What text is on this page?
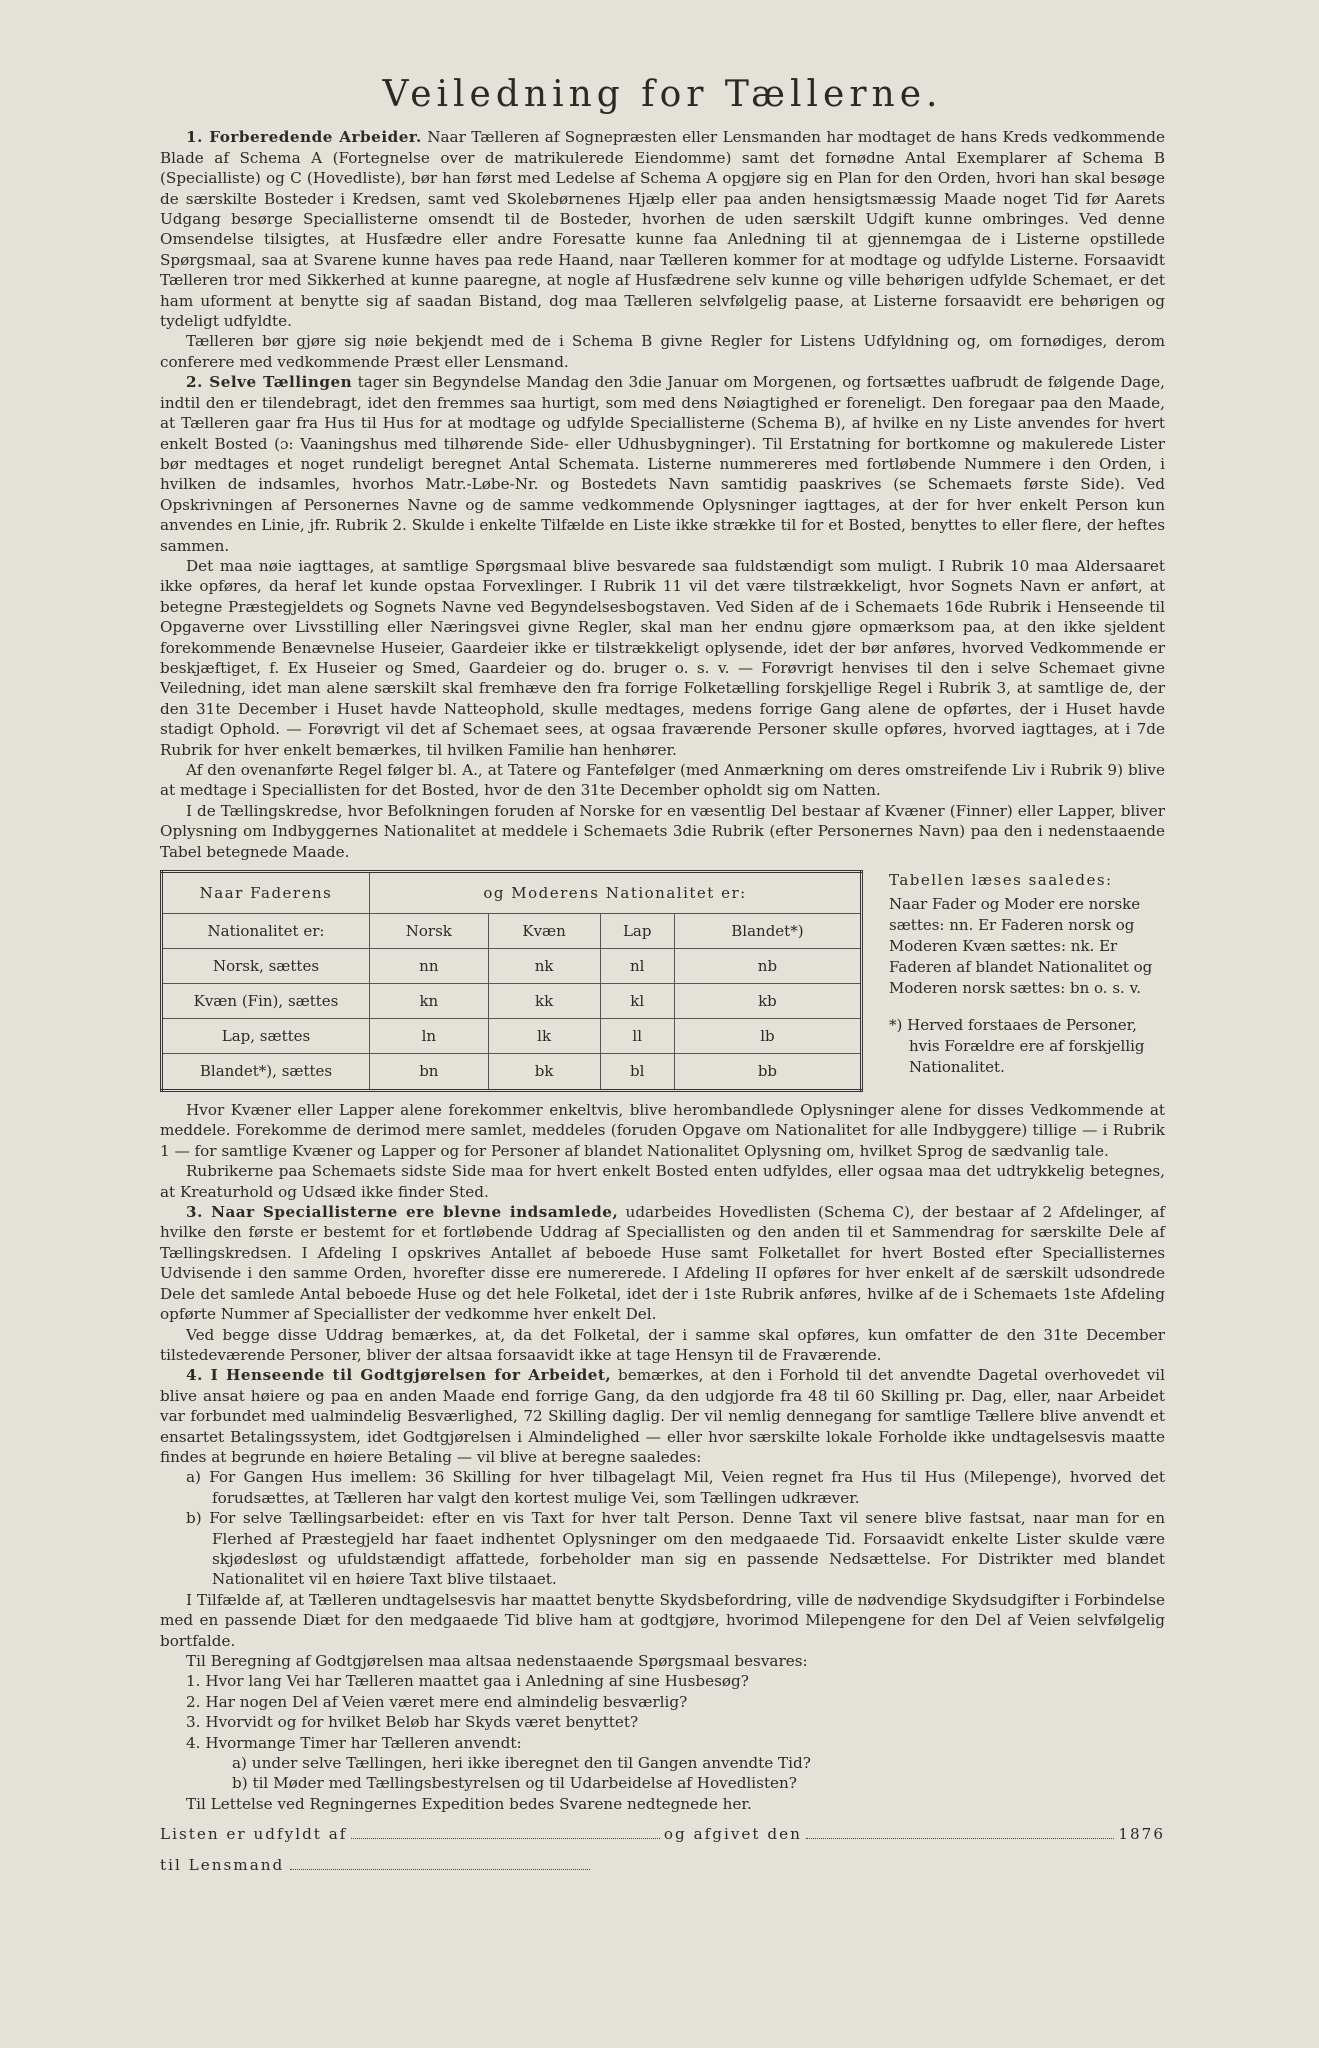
Veiledning for Tællerne.

1. Forberedende Arbeider. Naar Tælleren af Sognepræsten eller Lensmanden har modtaget de hans Kreds vedkommende Blade af Schema A (Fortegnelse over de matrikulerede Eiendomme) samt det fornødne Antal Exemplarer af Schema B (Specialliste) og C (Hovedliste), bør han først med Ledelse af Schema A opgjøre sig en Plan for den Orden, hvori han skal besøge de særskilte Bosteder i Kredsen, samt ved Skolebørnenes Hjælp eller paa anden hensigtsmæssig Maade noget Tid før Aarets Udgang besørge Speciallisterne omsendt til de Bosteder, hvorhen de uden særskilt Udgift kunne ombringes. Ved denne Omsendelse tilsigtes, at Husfædre eller andre Foresatte kunne faa Anledning til at gjennemgaa de i Listerne opstillede Spørgsmaal, saa at Svarene kunne haves paa rede Haand, naar Tælleren kommer for at modtage og udfylde Listerne. Forsaavidt Tælleren tror med Sikkerhed at kunne paaregne, at nogle af Husfædrene selv kunne og ville behørigen udfylde Schemaet, er det ham uforment at benytte sig af saadan Bistand, dog maa Tælleren selvfølgelig paase, at Listerne forsaavidt ere behørigen og tydeligt udfyldte.

Tælleren bør gjøre sig nøie bekjendt med de i Schema B givne Regler for Listens Udfyldning og, om fornødiges, derom conferere med vedkommende Præst eller Lensmand.

2. Selve Tællingen tager sin Begyndelse Mandag den 3die Januar om Morgenen, og fortsættes uafbrudt de følgende Dage, indtil den er tilendebragt, idet den fremmes saa hurtigt, som med dens Nøiagtighed er foreneligt. Den foregaar paa den Maade, at Tælleren gaar fra Hus til Hus for at modtage og udfylde Speciallisterne (Schema B), af hvilke en ny Liste anvendes for hvert enkelt Bosted (ɔ: Vaaningshus med tilhørende Side- eller Udhusbygninger). Til Erstatning for bortkomne og makulerede Lister bør medtages et noget rundeligt beregnet Antal Schemata. Listerne nummereres med fortløbende Nummere i den Orden, i hvilken de indsamles, hvorhos Matr.-Løbe-Nr. og Bostedets Navn samtidig paaskrives (se Schemaets første Side). Ved Opskrivningen af Personernes Navne og de samme vedkommende Oplysninger iagttages, at der for hver enkelt Person kun anvendes en Linie, jfr. Rubrik 2. Skulde i enkelte Tilfælde en Liste ikke strække til for et Bosted, benyttes to eller flere, der heftes sammen.

Det maa nøie iagttages, at samtlige Spørgsmaal blive besvarede saa fuldstændigt som muligt. I Rubrik 10 maa Aldersaaret ikke opføres, da heraf let kunde opstaa Forvexlinger. I Rubrik 11 vil det være tilstrækkeligt, hvor Sognets Navn er anført, at betegne Præstegjeldets og Sognets Navne ved Begyndelsesbogstaven. Ved Siden af de i Schemaets 16de Rubrik i Henseende til Opgaverne over Livsstilling eller Næringsvei givne Regler, skal man her endnu gjøre opmærksom paa, at den ikke sjeldent forekommende Benævnelse Huseier, Gaardeier ikke er tilstrækkeligt oplysende, idet der bør anføres, hvorved Vedkommende er beskjæftiget, f. Ex Huseier og Smed, Gaardeier og do. bruger o. s. v. — Forøvrigt henvises til den i selve Schemaet givne Veiledning, idet man alene særskilt skal fremhæve den fra forrige Folketælling forskjellige Regel i Rubrik 3, at samtlige de, der den 31te December i Huset havde Natteophold, skulle medtages, medens forrige Gang alene de opførtes, der i Huset havde stadigt Ophold. — Forøvrigt vil det af Schemaet sees, at ogsaa fraværende Personer skulle opføres, hvorved iagttages, at i 7de Rubrik for hver enkelt bemærkes, til hvilken Familie han henhører.

Af den ovenanførte Regel følger bl. A., at Tatere og Fantefølger (med Anmærkning om deres omstreifende Liv i Rubrik 9) blive at medtage i Speciallisten for det Bosted, hvor de den 31te December opholdt sig om Natten.

I de Tællingskredse, hvor Befolkningen foruden af Norske for en væsentlig Del bestaar af Kvæner (Finner) eller Lapper, bliver Oplysning om Indbyggernes Nationalitet at meddele i Schemaets 3die Rubrik (efter Personernes Navn) paa den i nedenstaaende Tabel betegnede Maade.

Naar Faderens	og Moderens Nationalitet er:			
Nationalitet er:	Norsk	Kvæn	Lap	Blandet*)
Norsk, sættes	nn	nk	nl	nb
Kvæn (Fin), sættes	kn	kk	kl	kb
Lap, sættes	ln	lk	ll	lb
Blandet*), sættes	bn	bk	bl	bb

Tabellen læses saaledes:

Naar Fader og Moder ere norske sættes: nn. Er Faderen norsk og Moderen Kvæn sættes: nk. Er Faderen af blandet Nationalitet og Moderen norsk sættes: bn o. s. v.

*) Herved forstaaes de Personer, hvis Forældre ere af forskjellig Nationalitet.

Hvor Kvæner eller Lapper alene forekommer enkeltvis, blive herombandlede Oplysninger alene for disses Vedkommende at meddele. Forekomme de derimod mere samlet, meddeles (foruden Opgave om Nationalitet for alle Indbyggere) tillige — i Rubrik 1 — for samtlige Kvæner og Lapper og for Personer af blandet Nationalitet Oplysning om, hvilket Sprog de sædvanlig tale.

Rubrikerne paa Schemaets sidste Side maa for hvert enkelt Bosted enten udfyldes, eller ogsaa maa det udtrykkelig betegnes, at Kreaturhold og Udsæd ikke finder Sted.

3. Naar Speciallisterne ere blevne indsamlede, udarbeides Hovedlisten (Schema C), der bestaar af 2 Afdelinger, af hvilke den første er bestemt for et fortløbende Uddrag af Speciallisten og den anden til et Sammendrag for særskilte Dele af Tællingskredsen. I Afdeling I opskrives Antallet af beboede Huse samt Folketallet for hvert Bosted efter Speciallisternes Udvisende i den samme Orden, hvorefter disse ere numererede. I Afdeling II opføres for hver enkelt af de særskilt udsondrede Dele det samlede Antal beboede Huse og det hele Folketal, idet der i 1ste Rubrik anføres, hvilke af de i Schemaets 1ste Afdeling opførte Nummer af Speciallister der vedkomme hver enkelt Del.

Ved begge disse Uddrag bemærkes, at, da det Folketal, der i samme skal opføres, kun omfatter de den 31te December tilstedeværende Personer, bliver der altsaa forsaavidt ikke at tage Hensyn til de Fraværende.

4. I Henseende til Godtgjørelsen for Arbeidet, bemærkes, at den i Forhold til det anvendte Dagetal overhovedet vil blive ansat høiere og paa en anden Maade end forrige Gang, da den udgjorde fra 48 til 60 Skilling pr. Dag, eller, naar Arbeidet var forbundet med ualmindelig Besværlighed, 72 Skilling daglig. Der vil nemlig dennegang for samtlige Tællere blive anvendt et ensartet Betalingssystem, idet Godtgjørelsen i Almindelighed — eller hvor særskilte lokale Forholde ikke undtagelsesvis maatte findes at begrunde en høiere Betaling — vil blive at beregne saaledes:

a) For Gangen Hus imellem: 36 Skilling for hver tilbagelagt Mil, Veien regnet fra Hus til Hus (Milepenge), hvorved det forudsættes, at Tælleren har valgt den kortest mulige Vei, som Tællingen udkræver.

b) For selve Tællingsarbeidet: efter en vis Taxt for hver talt Person. Denne Taxt vil senere blive fastsat, naar man for en Flerhed af Præstegjeld har faaet indhentet Oplysninger om den medgaaede Tid. Forsaavidt enkelte Lister skulde være skjødesløst og ufuldstændigt affattede, forbeholder man sig en passende Nedsættelse. For Distrikter med blandet Nationalitet vil en høiere Taxt blive tilstaaet.

I Tilfælde af, at Tælleren undtagelsesvis har maattet benytte Skydsbefordring, ville de nødvendige Skydsudgifter i Forbindelse med en passende Diæt for den medgaaede Tid blive ham at godtgjøre, hvorimod Milepengene for den Del af Veien selvfølgelig bortfalde.

Til Beregning af Godtgjørelsen maa altsaa nedenstaaende Spørgsmaal besvares:

1. Hvor lang Vei har Tælleren maattet gaa i Anledning af sine Husbesøg?

2. Har nogen Del af Veien været mere end almindelig besværlig?

3. Hvorvidt og for hvilket Beløb har Skyds været benyttet?

4. Hvormange Timer har Tælleren anvendt:

a) under selve Tællingen, heri ikke iberegnet den til Gangen anvendte Tid?

b) til Møder med Tællingsbestyrelsen og til Udarbeidelse af Hovedlisten?

Til Lettelse ved Regningernes Expedition bedes Svarene nedtegnede her.

Listen er udfyldt af	og afgivet den	1876
til Lensmand
